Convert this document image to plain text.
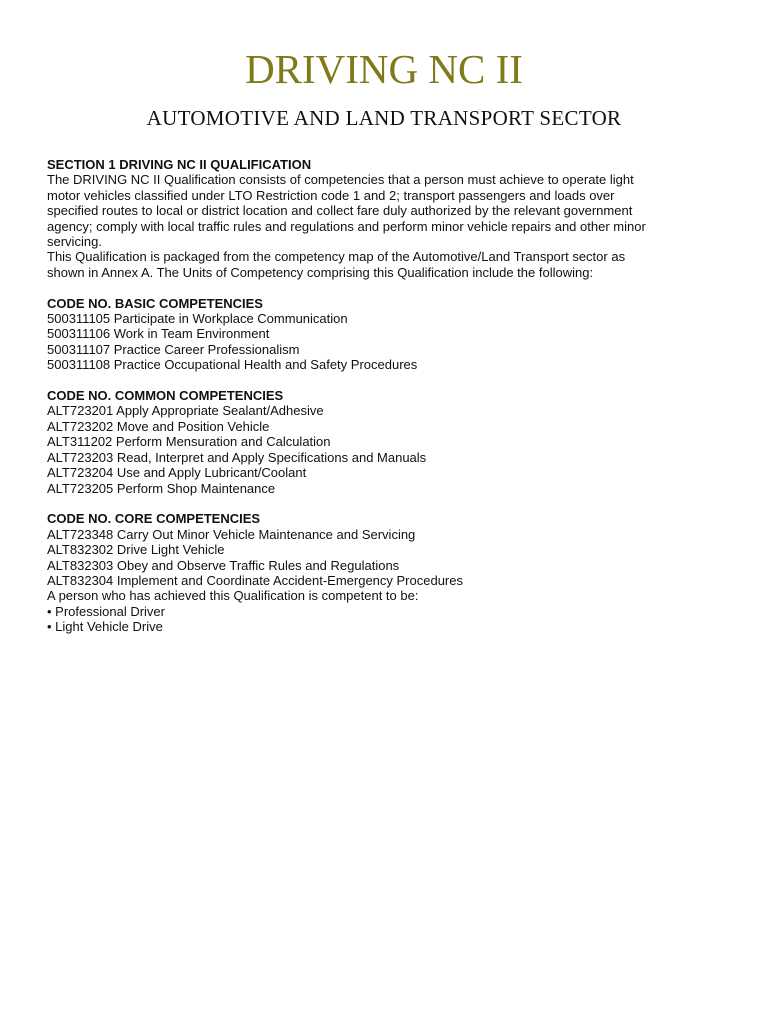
DRIVING NC II
AUTOMOTIVE AND LAND TRANSPORT SECTOR
SECTION 1 DRIVING NC II QUALIFICATION
The DRIVING NC II Qualification consists of competencies that a person must achieve to operate light
motor vehicles classified under LTO Restriction code 1 and 2; transport passengers and loads over
specified routes to local or district location and collect fare duly authorized by the relevant government
agency; comply with local traffic rules and regulations and perform minor vehicle repairs and other minor
servicing.
This Qualification is packaged from the competency map of the Automotive/Land Transport sector as
shown in Annex A. The Units of Competency comprising this Qualification include the following:
CODE NO. BASIC COMPETENCIES
500311105 Participate in Workplace Communication
500311106 Work in Team Environment
500311107 Practice Career Professionalism
500311108 Practice Occupational Health and Safety Procedures
CODE NO. COMMON COMPETENCIES
ALT723201 Apply Appropriate Sealant/Adhesive
ALT723202 Move and Position Vehicle
ALT311202 Perform Mensuration and Calculation
ALT723203 Read, Interpret and Apply Specifications and Manuals
ALT723204 Use and Apply Lubricant/Coolant
ALT723205 Perform Shop Maintenance
CODE NO. CORE COMPETENCIES
ALT723348 Carry Out Minor Vehicle Maintenance and Servicing
ALT832302 Drive Light Vehicle
ALT832303 Obey and Observe Traffic Rules and Regulations
ALT832304 Implement and Coordinate Accident-Emergency Procedures
A person who has achieved this Qualification is competent to be:
• Professional Driver
• Light Vehicle Drive
